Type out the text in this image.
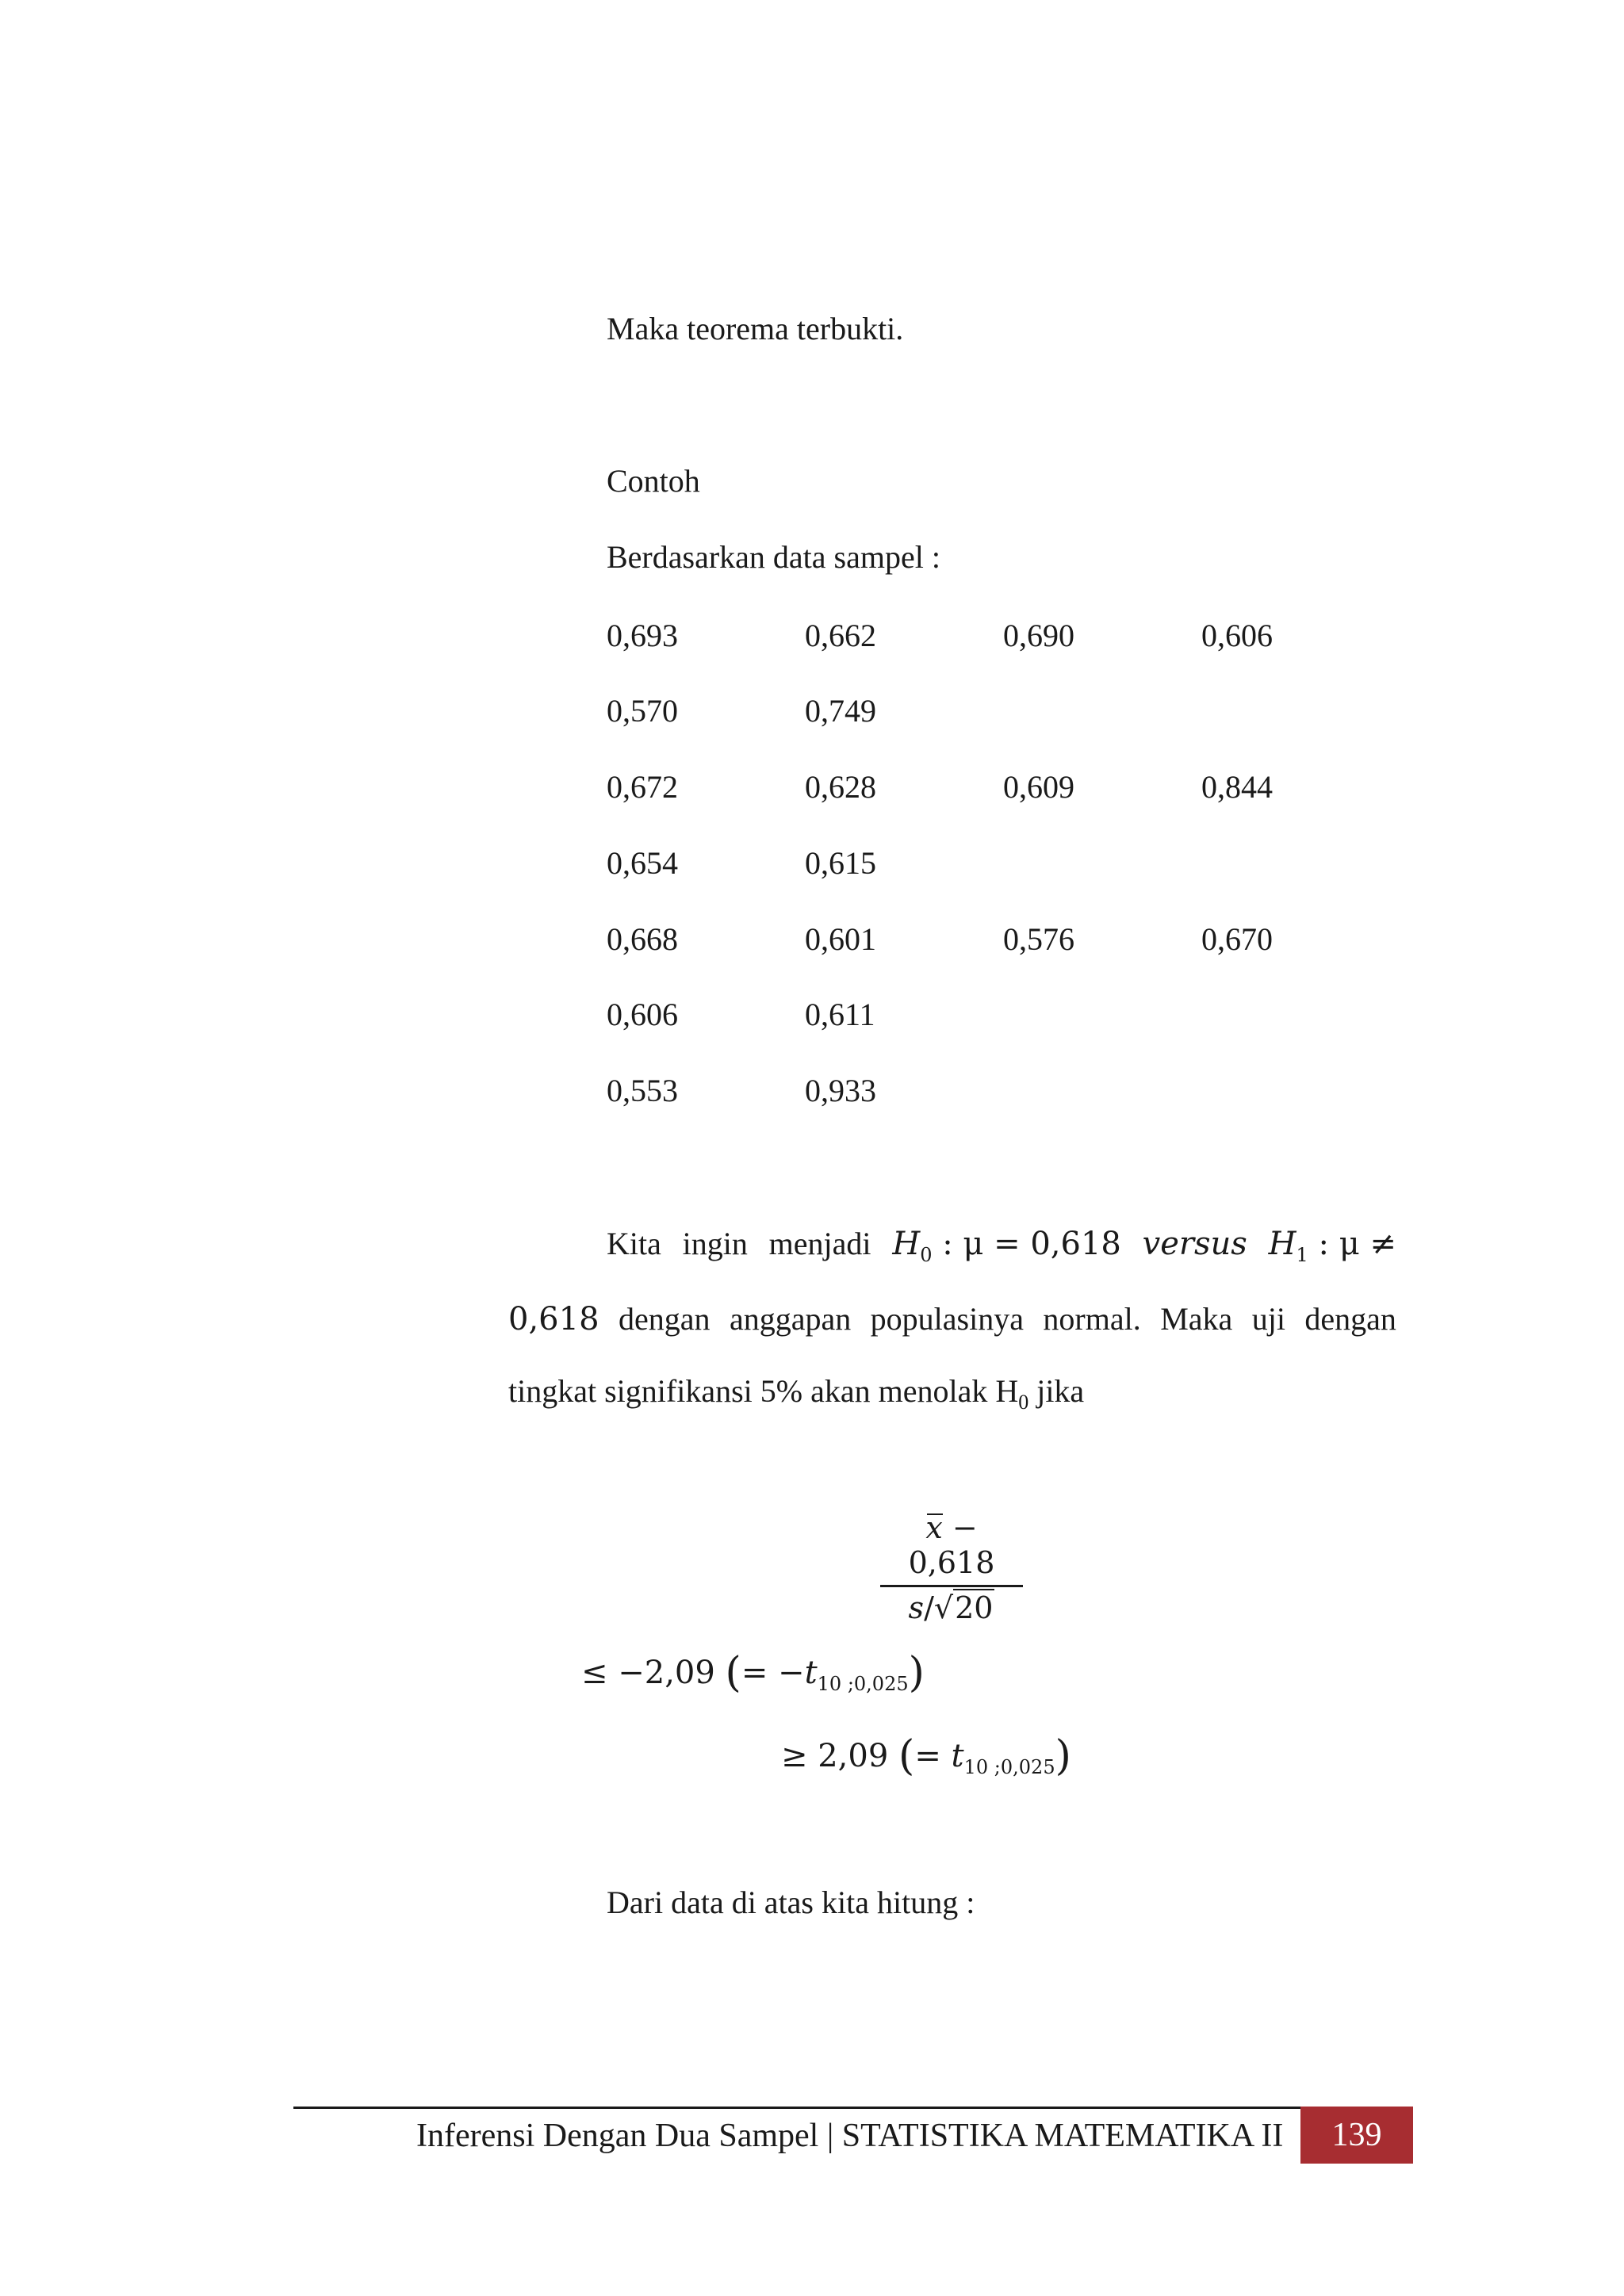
Maka teorema terbukti.
Contoh
Berdasarkan data sampel :
0,693	0,662	0,690	0,606
0,570	0,749
0,672	0,628	0,609	0,844
0,654	0,615
0,668	0,601	0,576	0,670
0,606	0,611
0,553	0,933
Kita ingin menjadi $H_0$ : μ = 0,618 versus $H_1$ : μ ≠
0,618 dengan anggapan populasinya normal. Maka uji dengan
tingkat signifikansi 5% akan menolak $H_0$ jika
x − 0,618
s/√20
≤ −2,09 (= $-t_{10 ;0,025}$)
≥ 2,09 (= $t_{10 ;0,025}$)
Dari data di atas kita hitung :
Inferensi Dengan Dua Sampel | STATISTIKA MATEMATIKA II	139
